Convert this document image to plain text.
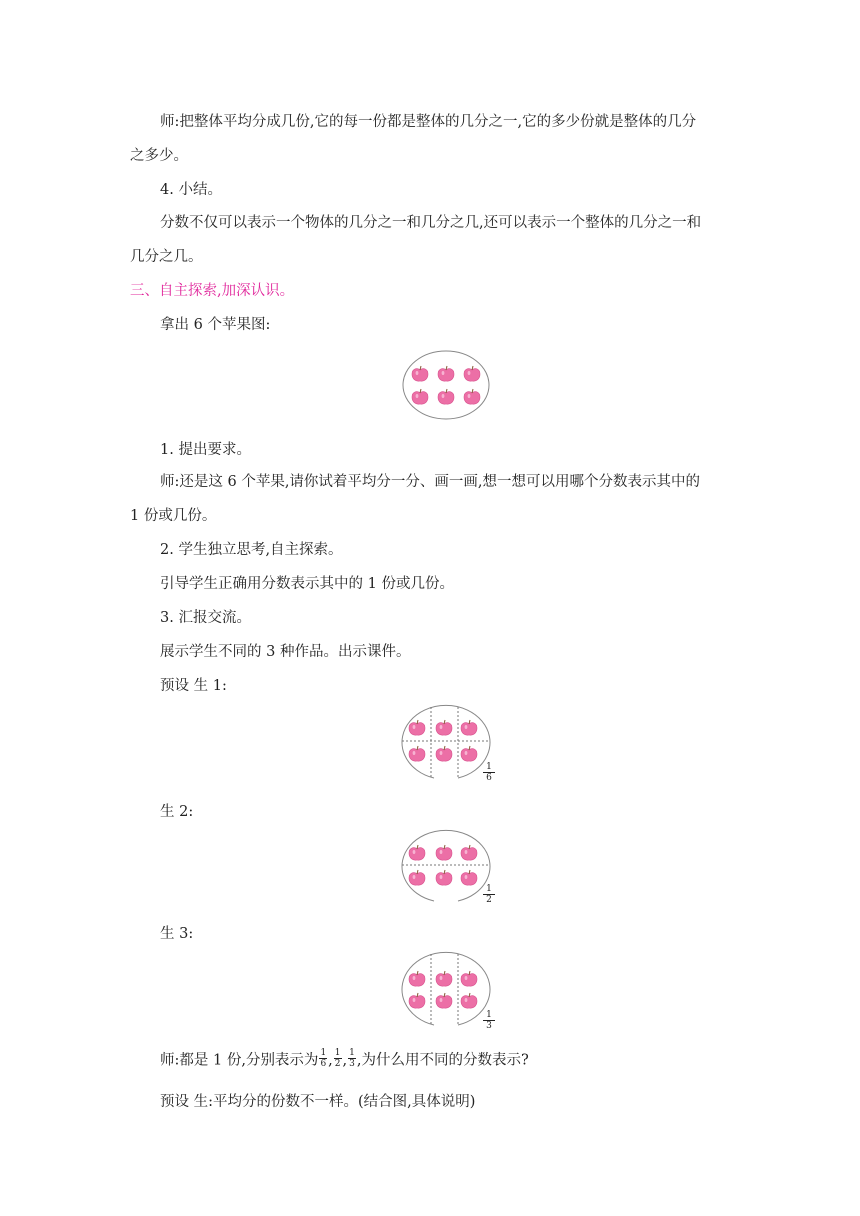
师:把整体平均分成几份,它的每一份都是整体的几分之一,它的多少份就是整体的几分
之多少。
4. 小结。
分数不仅可以表示一个物体的几分之一和几分之几,还可以表示一个整体的几分之一和
几分之几。
三、自主探索,加深认识。
拿出 6 个苹果图:
1. 提出要求。
师:还是这 6 个苹果,请你试着平均分一分、画一画,想一想可以用哪个分数表示其中的
1 份或几份。
2. 学生独立思考,自主探索。
引导学生正确用分数表示其中的 1 份或几份。
3. 汇报交流。
展示学生不同的 3 种作品。出示课件。
预设 生 1:
$\frac{1}{6}$
生 2:
$\frac{1}{2}$
生 3:
$\frac{1}{3}$
师:都是 1 份,分别表示为 $\frac{1}{6}$ , $\frac{1}{2}$ , $\frac{1}{3}$ ,为什么用不同的分数表示?
预设 生:平均分的份数不一样。(结合图,具体说明)
